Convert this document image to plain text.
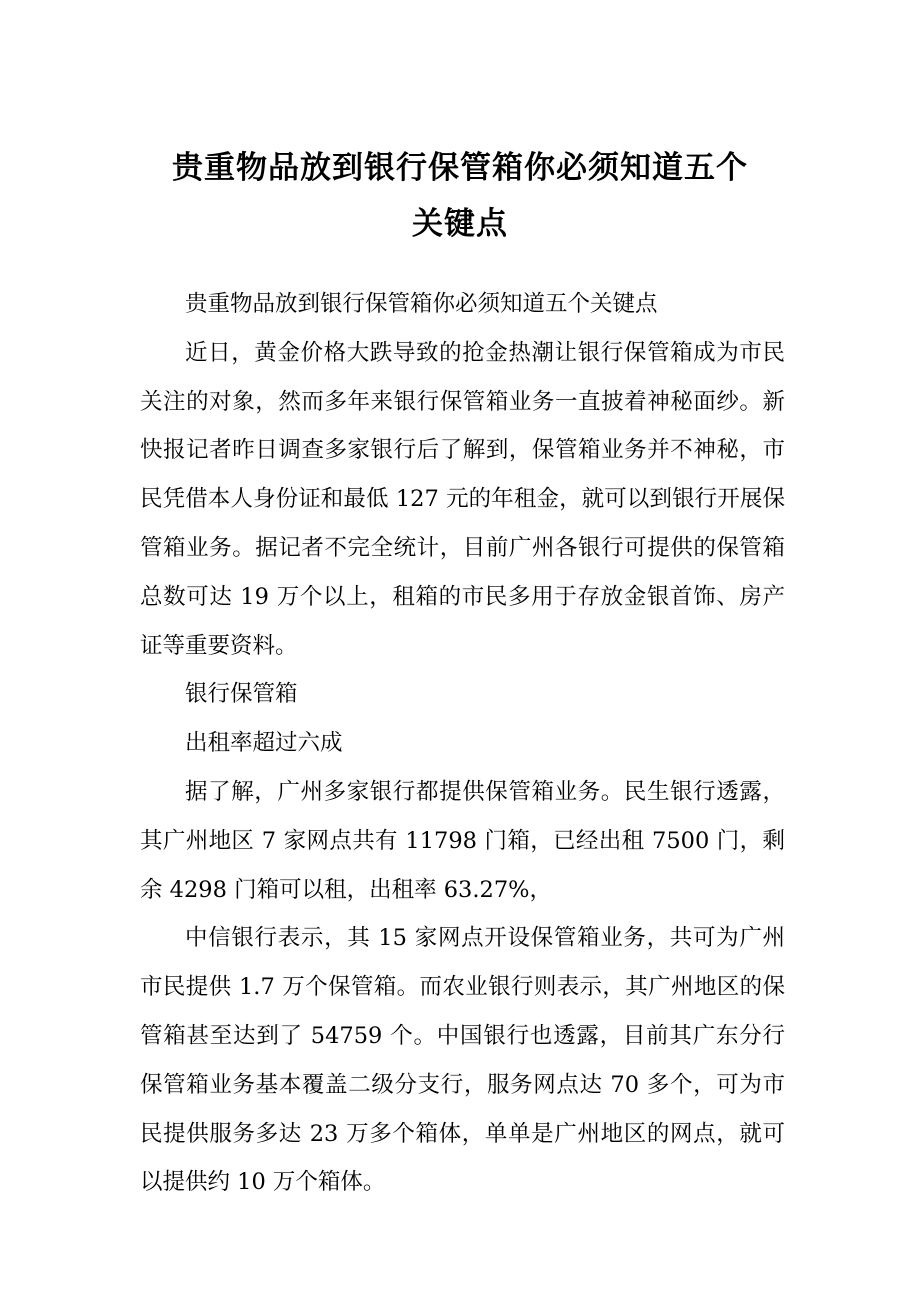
贵重物品放到银行保管箱你必须知道五个
关键点

贵重物品放到银行保管箱你必须知道五个关键点

近日，黄金价格大跌导致的抢金热潮让银行保管箱成为市民关注的对象，然而多年来银行保管箱业务一直披着神秘面纱。新快报记者昨日调查多家银行后了解到，保管箱业务并不神秘，市民凭借本人身份证和最低 127 元的年租金，就可以到银行开展保管箱业务。据记者不完全统计，目前广州各银行可提供的保管箱总数可达 19 万个以上，租箱的市民多用于存放金银首饰、房产证等重要资料。

银行保管箱

出租率超过六成

据了解，广州多家银行都提供保管箱业务。民生银行透露，其广州地区 7 家网点共有 11798 门箱，已经出租 7500 门，剩余 4298 门箱可以租，出租率 63.27%，

中信银行表示，其 15 家网点开设保管箱业务，共可为广州市民提供 1.7 万个保管箱。而农业银行则表示，其广州地区的保管箱甚至达到了 54759 个。中国银行也透露，目前其广东分行保管箱业务基本覆盖二级分支行，服务网点达 70 多个，可为市民提供服务多达 23 万多个箱体，单单是广州地区的网点，就可以提供约 10 万个箱体。
